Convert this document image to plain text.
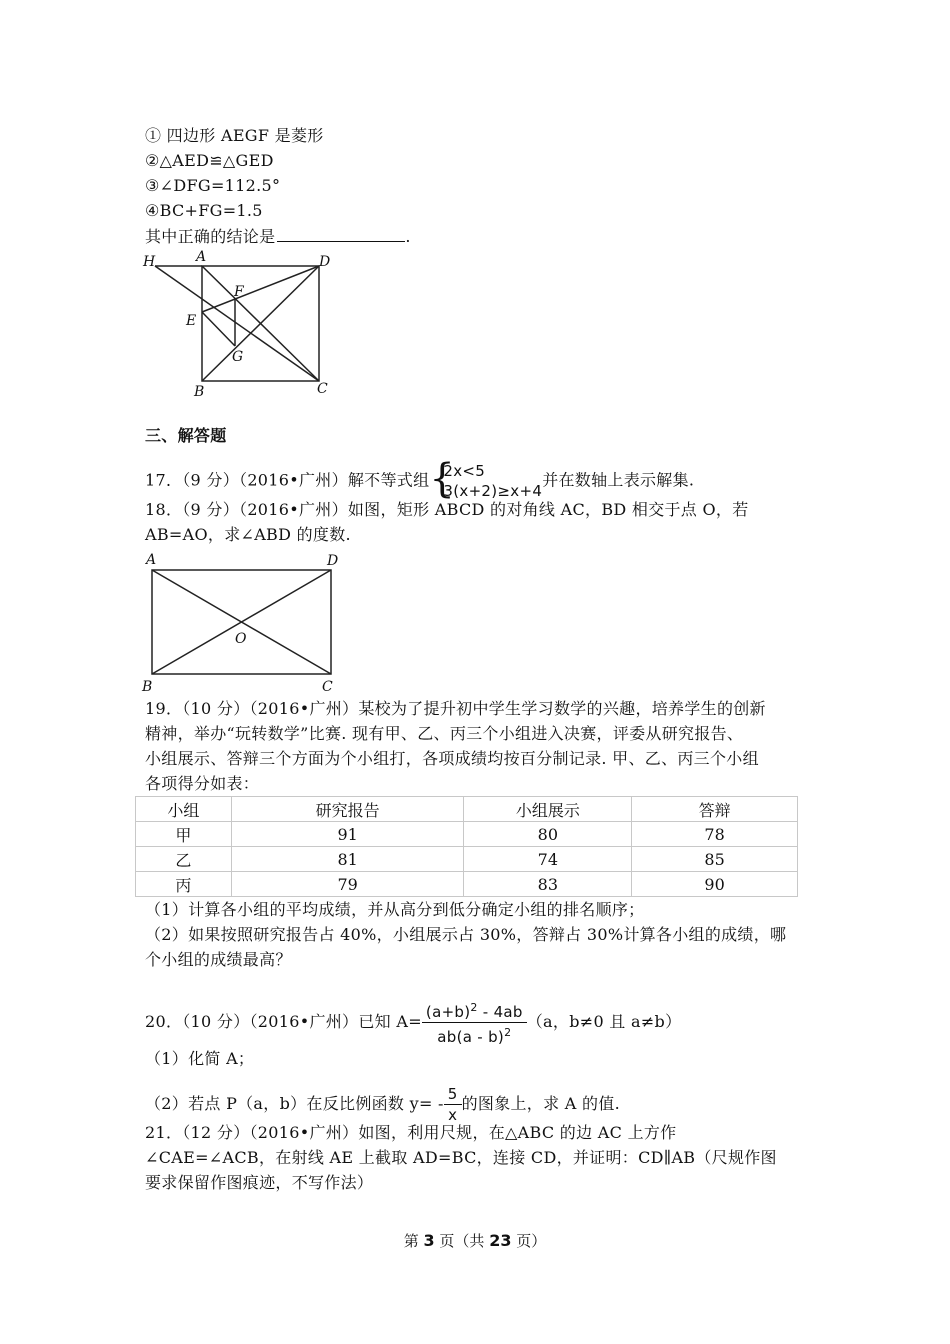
① 四边形 AEGF 是菱形
②△AED≌△GED
③∠DFG=112.5°
④BC+FG=1.5
其中正确的结论是	.
H	A	D
F
E
G
B	C
三、解答题
17．（9 分）（2016•广州）解不等式组 {
2x<5
3(x+2)≥x+4
并在数轴上表示解集.
18．（9 分）（2016•广州）如图，矩形 ABCD 的对角线 AC，BD 相交于点 O，若
AB=AO，求∠ABD 的度数.
A	D
O
B	C
19．（10 分）（2016•广州）某校为了提升初中学生学习数学的兴趣，培养学生的创新
精神，举办“玩转数学”比赛. 现有甲、乙、丙三个小组进入决赛，评委从研究报告、
小组展示、答辩三个方面为个小组打，各项成绩均按百分制记录. 甲、乙、丙三个小组
各项得分如表：
小组	研究报告	小组展示	答辩
甲	91	80	78
乙	81	74	85
丙	79	83	90
（1）计算各小组的平均成绩，并从高分到低分确定小组的排名顺序；
（2）如果按照研究报告占 40%，小组展示占 30%，答辩占 30%计算各小组的成绩，哪
个小组的成绩最高？
20．（10 分）（2016•广州）已知 $A= \frac{(a+b)^2 - 4ab}{ab(a - b)^2} (a$，b≠0 且 a≠b）
（1）化简 A；
（2）若点 P（a，b）在反比例函数 $y= - \frac{5}{x}$ 的图象上，求 A 的值.
21．（12 分）（2016•广州）如图，利用尺规，在△ABC 的边 AC 上方作
∠CAE=∠ACB，在射线 AE 上截取 AD=BC，连接 CD，并证明：CD∥AB（尺规作图
要求保留作图痕迹，不写作法）
第 3 页（共 23 页）
